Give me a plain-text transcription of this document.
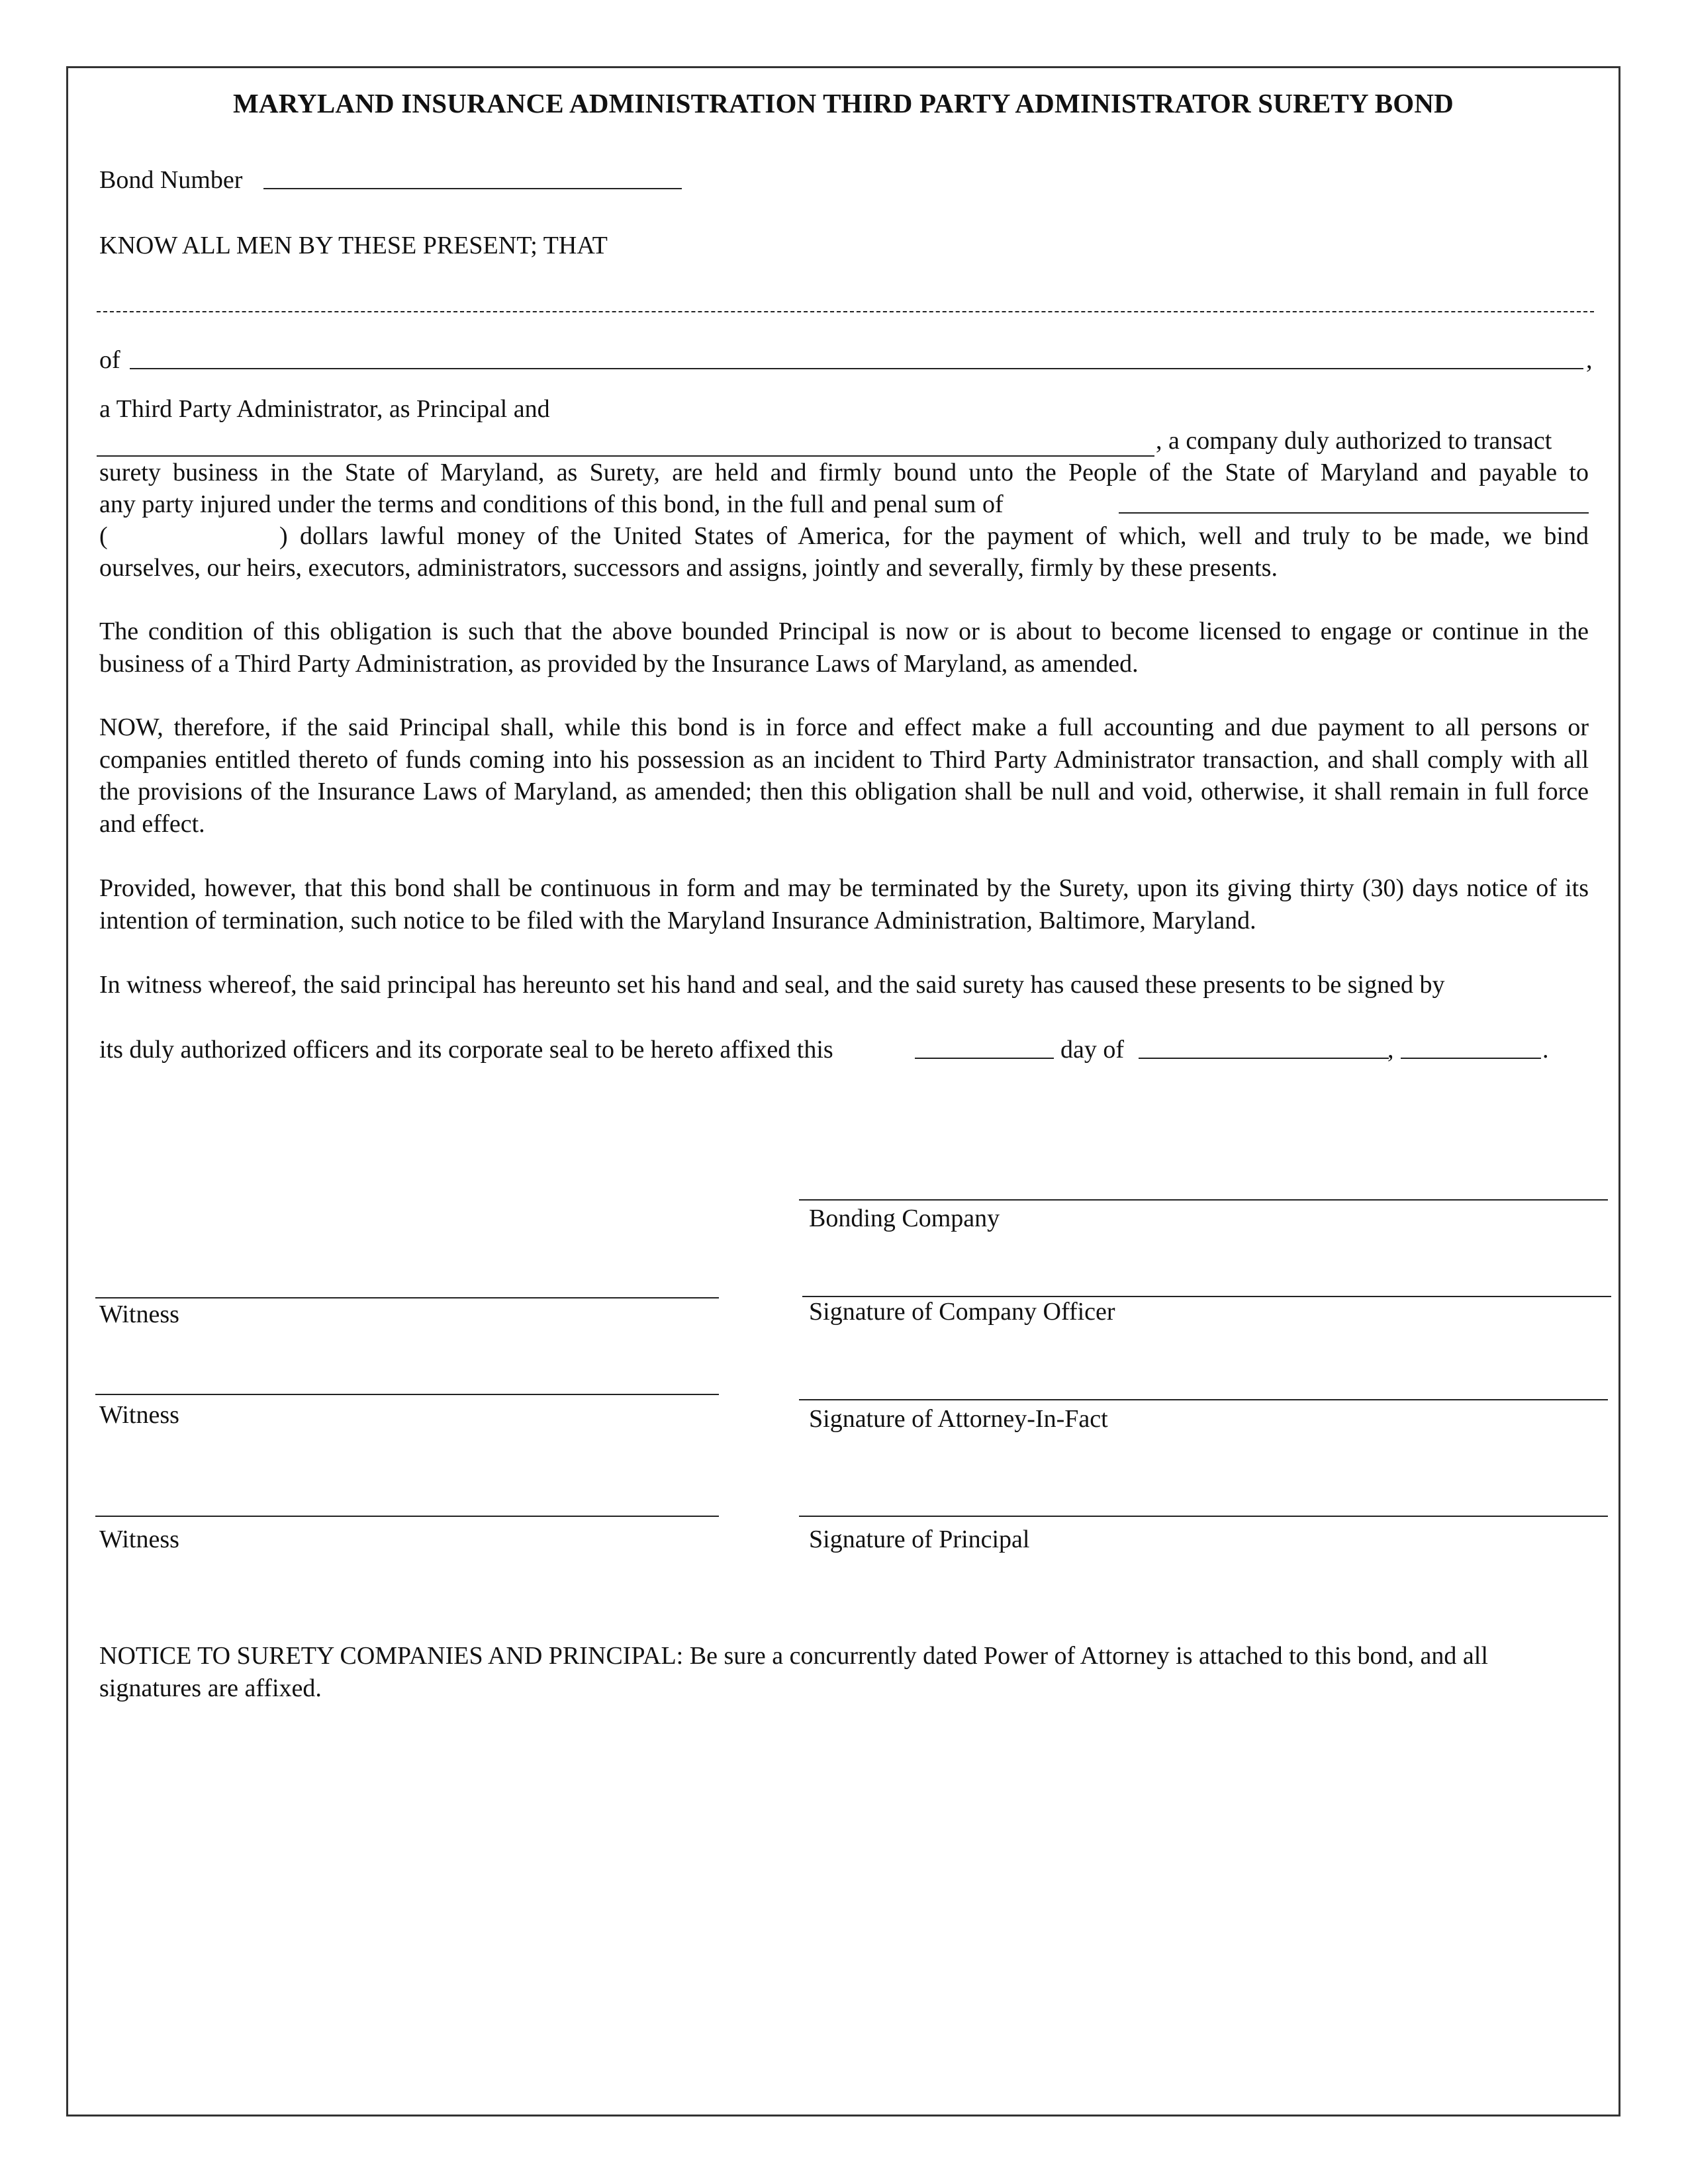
MARYLAND INSURANCE ADMINISTRATION THIRD PARTY ADMINISTRATOR SURETY BOND
Bond Number
KNOW ALL MEN BY THESE PRESENT; THAT
of	,
a Third Party Administrator, as Principal and
, a company duly authorized to transact
surety business in the State of Maryland, as Surety, are held and firmly bound unto the People of the State of Maryland and payable to
any party injured under the terms and conditions of this bond, in the full and penal sum of
(	) dollars lawful money of the United States of America, for the payment of which, well and truly to be made, we bind
ourselves, our heirs, executors, administrators, successors and assigns, jointly and severally, firmly by these presents.
The condition of this obligation is such that the above bounded Principal is now or is about to become licensed to engage or continue in the business of a Third Party Administration, as provided by the Insurance Laws of Maryland, as amended.
NOW, therefore, if the said Principal shall, while this bond is in force and effect make a full accounting and due payment to all persons or companies entitled thereto of funds coming into his possession as an incident to Third Party Administrator transaction, and shall comply with all the provisions of the Insurance Laws of Maryland, as amended; then this obligation shall be null and void, otherwise, it shall remain in full force and effect.
Provided, however, that this bond shall be continuous in form and may be terminated by the Surety, upon its giving thirty (30) days notice of its intention of termination, such notice to be filed with the Maryland Insurance Administration, Baltimore, Maryland.
In witness whereof, the said principal has hereunto set his hand and seal, and the said surety has caused these presents to be signed by
its duly authorized officers and its corporate seal to be hereto affixed this	day of	,	.
Bonding Company
Witness	Signature of Company Officer
Witness	Signature of Attorney-In-Fact
Witness	Signature of Principal
NOTICE TO SURETY COMPANIES AND PRINCIPAL: Be sure a concurrently dated Power of Attorney is attached to this bond, and all signatures are affixed.
